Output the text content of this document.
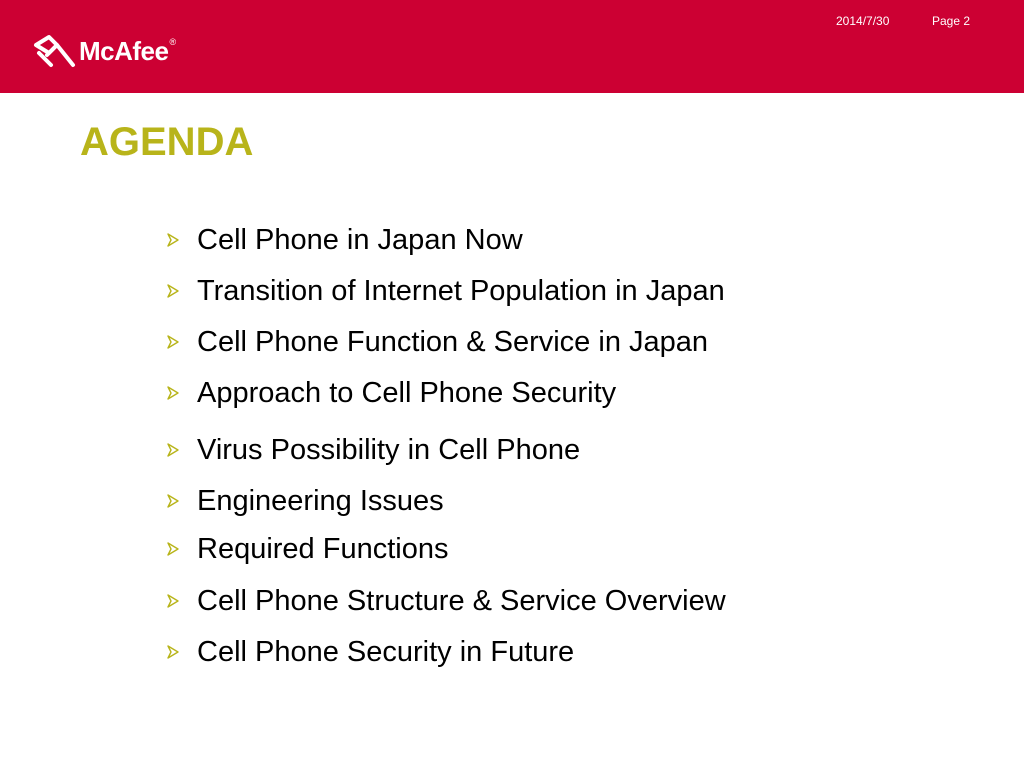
McAfee ®
2014/7/30	Page 2
AGENDA
Cell Phone in Japan Now
Transition of Internet Population in Japan
Cell Phone Function & Service in Japan
Approach to Cell Phone Security
Virus Possibility in Cell Phone
Engineering Issues
Required Functions
Cell Phone Structure & Service Overview
Cell Phone Security in Future
